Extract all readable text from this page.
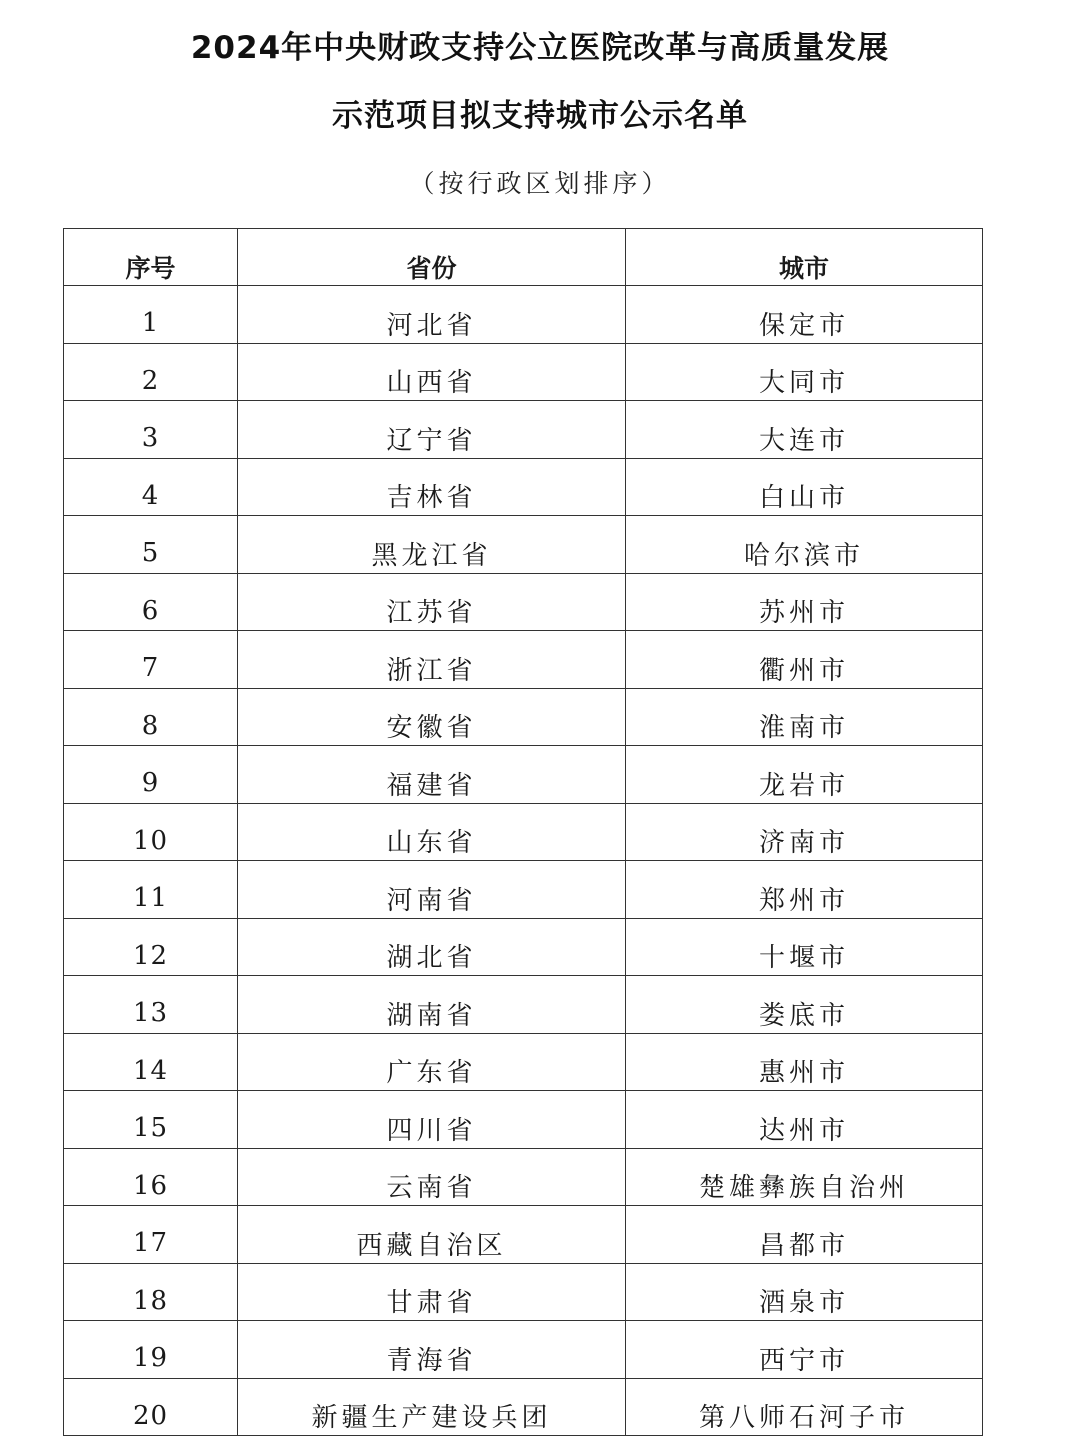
2024年中央财政支持公立医院改革与高质量发展
示范项目拟支持城市公示名单
（按行政区划排序）
序号	省份	城市
1	河北省	保定市
2	山西省	大同市
3	辽宁省	大连市
4	吉林省	白山市
5	黑龙江省	哈尔滨市
6	江苏省	苏州市
7	浙江省	衢州市
8	安徽省	淮南市
9	福建省	龙岩市
10	山东省	济南市
11	河南省	郑州市
12	湖北省	十堰市
13	湖南省	娄底市
14	广东省	惠州市
15	四川省	达州市
16	云南省	楚雄彝族自治州
17	西藏自治区	昌都市
18	甘肃省	酒泉市
19	青海省	西宁市
20	新疆生产建设兵团	第八师石河子市
